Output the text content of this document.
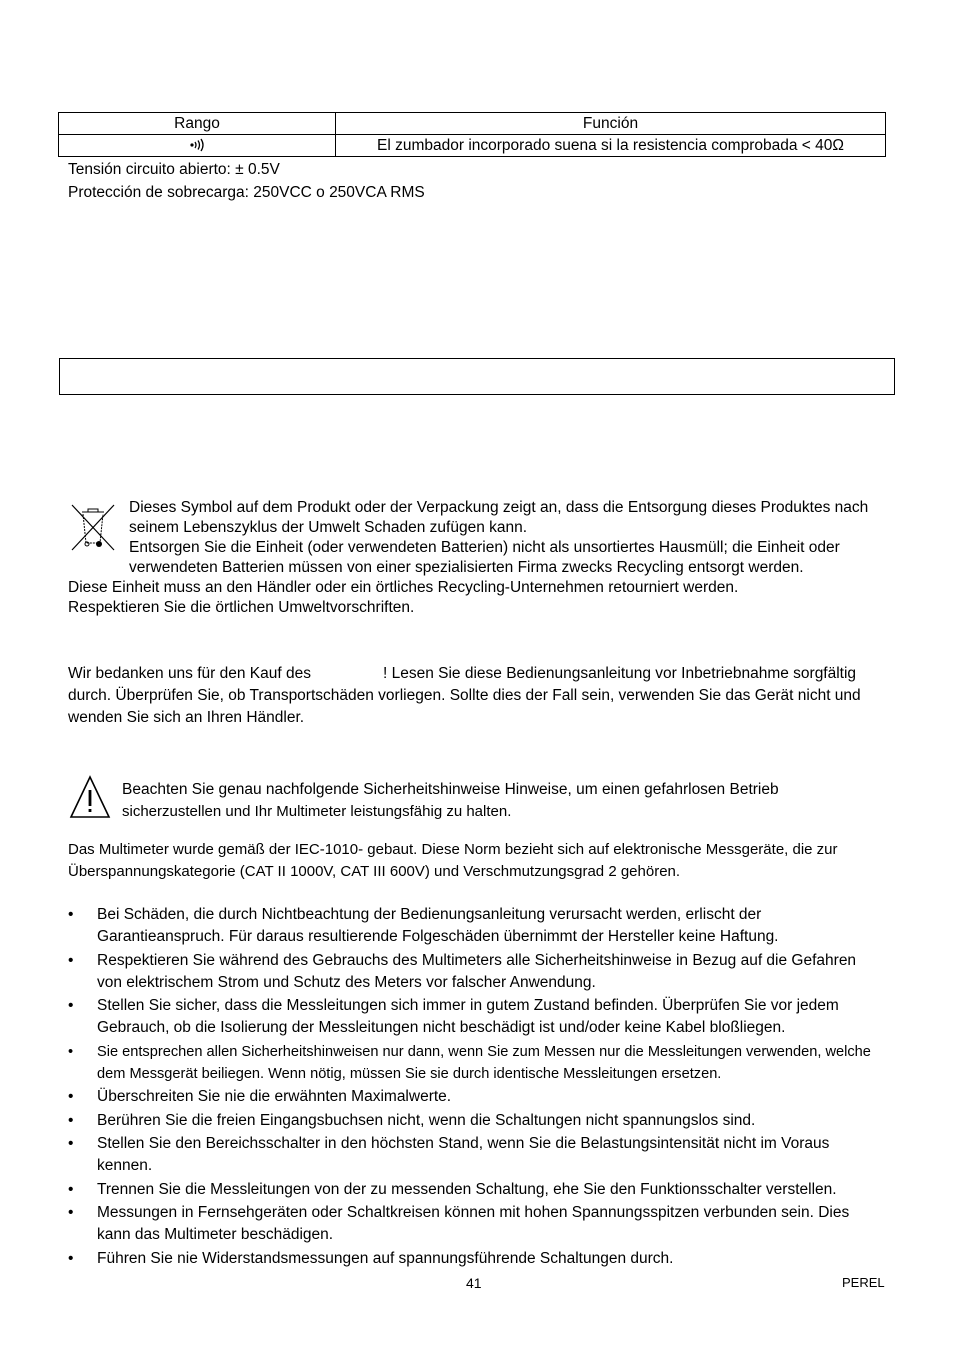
Rango	Función
	El zumbador incorporado suena si la resistencia comprobada < 40Ω
Tensión circuito abierto: ± 0.5V
Protección de sobrecarga: 250VCC o 250VCA RMS
Dieses Symbol auf dem Produkt oder der Verpackung zeigt an, dass die Entsorgung dieses Produktes nach
seinem Lebenszyklus der Umwelt Schaden zufügen kann.
Entsorgen Sie die Einheit (oder verwendeten Batterien) nicht als unsortiertes Hausmüll; die Einheit oder
verwendeten Batterien müssen von einer spezialisierten Firma zwecks Recycling entsorgt werden.
Diese Einheit muss an den Händler oder ein örtliches Recycling-Unternehmen retourniert werden.
Respektieren Sie die örtlichen Umweltvorschriften.
Wir bedanken uns für den Kauf des	! Lesen Sie diese Bedienungsanleitung vor Inbetriebnahme sorgfältig
durch. Überprüfen Sie, ob Transportschäden vorliegen. Sollte dies der Fall sein, verwenden Sie das Gerät nicht und
wenden Sie sich an Ihren Händler.
Beachten Sie genau nachfolgende Sicherheitshinweise Hinweise, um einen gefahrlosen Betrieb
sicherzustellen und Ihr Multimeter leistungsfähig zu halten.
Das Multimeter wurde gemäß der IEC-1010- gebaut. Diese Norm bezieht sich auf elektronische Messgeräte, die zur
Überspannungskategorie (CAT II 1000V, CAT III 600V) und Verschmutzungsgrad 2 gehören.
• Bei Schäden, die durch Nichtbeachtung der Bedienungsanleitung verursacht werden, erlischt der Garantieanspruch. Für daraus resultierende Folgeschäden übernimmt der Hersteller keine Haftung.
• Respektieren Sie während des Gebrauchs des Multimeters alle Sicherheitshinweise in Bezug auf die Gefahren von elektrischem Strom und Schutz des Meters vor falscher Anwendung.
• Stellen Sie sicher, dass die Messleitungen sich immer in gutem Zustand befinden. Überprüfen Sie vor jedem Gebrauch, ob die Isolierung der Messleitungen nicht beschädigt ist und/oder keine Kabel bloßliegen.
• Sie entsprechen allen Sicherheitshinweisen nur dann, wenn Sie zum Messen nur die Messleitungen verwenden, welche dem Messgerät beiliegen. Wenn nötig, müssen Sie sie durch identische Messleitungen ersetzen.
• Überschreiten Sie nie die erwähnten Maximalwerte.
• Berühren Sie die freien Eingangsbuchsen nicht, wenn die Schaltungen nicht spannungslos sind.
• Stellen Sie den Bereichsschalter in den höchsten Stand, wenn Sie die Belastungsintensität nicht im Voraus kennen.
• Trennen Sie die Messleitungen von der zu messenden Schaltung, ehe Sie den Funktionsschalter verstellen.
• Messungen in Fernsehgeräten oder Schaltkreisen können mit hohen Spannungsspitzen verbunden sein. Dies kann das Multimeter beschädigen.
• Führen Sie nie Widerstandsmessungen auf spannungsführende Schaltungen durch.
41	PEREL
